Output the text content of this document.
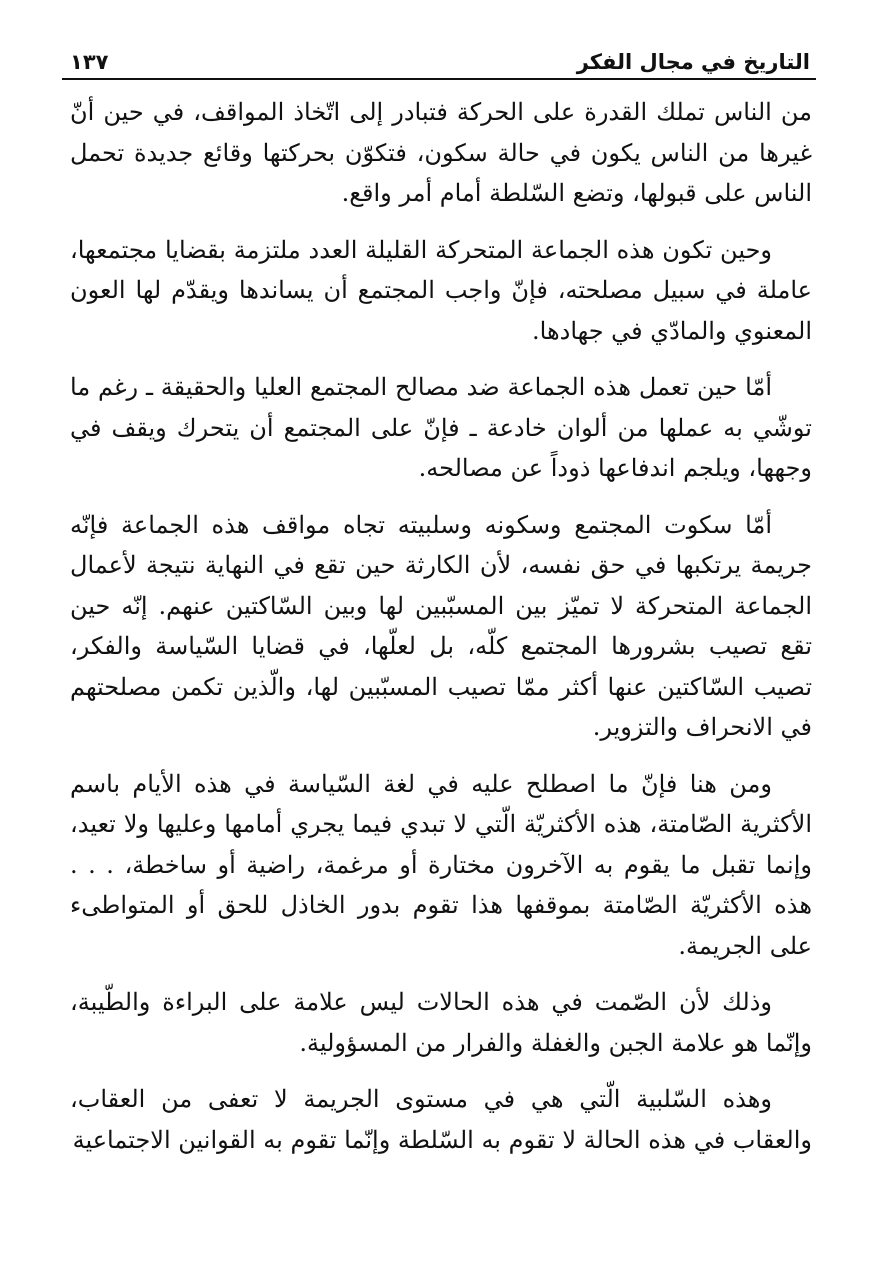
التاريخ في مجال الفكر
١٣٧

من الناس تملك القدرة على الحركة فتبادر إلى اتّخاذ المواقف، في حين أنّ غيرها من الناس يكون في حالة سكون، فتكوّن بحركتها وقائع جديدة تحمل الناس على قبولها، وتضع السّلطة أمام أمر واقع.

وحين تكون هذه الجماعة المتحركة القليلة العدد ملتزمة بقضايا مجتمعها، عاملة في سبيل مصلحته، فإنّ واجب المجتمع أن يساندها ويقدّم لها العون المعنوي والمادّي في جهادها.

أمّا حين تعمل هذه الجماعة ضد مصالح المجتمع العليا والحقيقة ـ رغم ما توشّي به عملها من ألوان خادعة ـ فإنّ على المجتمع أن يتحرك ويقف في وجهها، ويلجم اندفاعها ذوداً عن مصالحه.

أمّا سكوت المجتمع وسكونه وسلبيته تجاه مواقف هذه الجماعة فإنّه جريمة يرتكبها في حق نفسه، لأن الكارثة حين تقع في النهاية نتيجة لأعمال الجماعة المتحركة لا تميّز بين المسبّبين لها وبين السّاكتين عنهم. إنّه حين تقع تصيب بشرورها المجتمع كلّه، بل لعلّها، في قضايا السّياسة والفكر، تصيب السّاكتين عنها أكثر ممّا تصيب المسبّبين لها، والّذين تكمن مصلحتهم في الانحراف والتزوير.

ومن هنا فإنّ ما اصطلح عليه في لغة السّياسة في هذه الأيام باسم الأكثرية الصّامتة، هذه الأكثريّة الّتي لا تبدي فيما يجري أمامها وعليها ولا تعيد، وإنما تقبل ما يقوم به الآخرون مختارة أو مرغمة، راضية أو ساخطة، . . . هذه الأكثريّة الصّامتة بموقفها هذا تقوم بدور الخاذل للحق أو المتواطىء على الجريمة.

وذلك لأن الصّمت في هذه الحالات ليس علامة على البراءة والطّيبة، وإنّما هو علامة الجبن والغفلة والفرار من المسؤولية.

وهذه السّلبية الّتي هي في مستوى الجريمة لا تعفى من العقاب، والعقاب في هذه الحالة لا تقوم به السّلطة وإنّما تقوم به القوانين الاجتماعية
